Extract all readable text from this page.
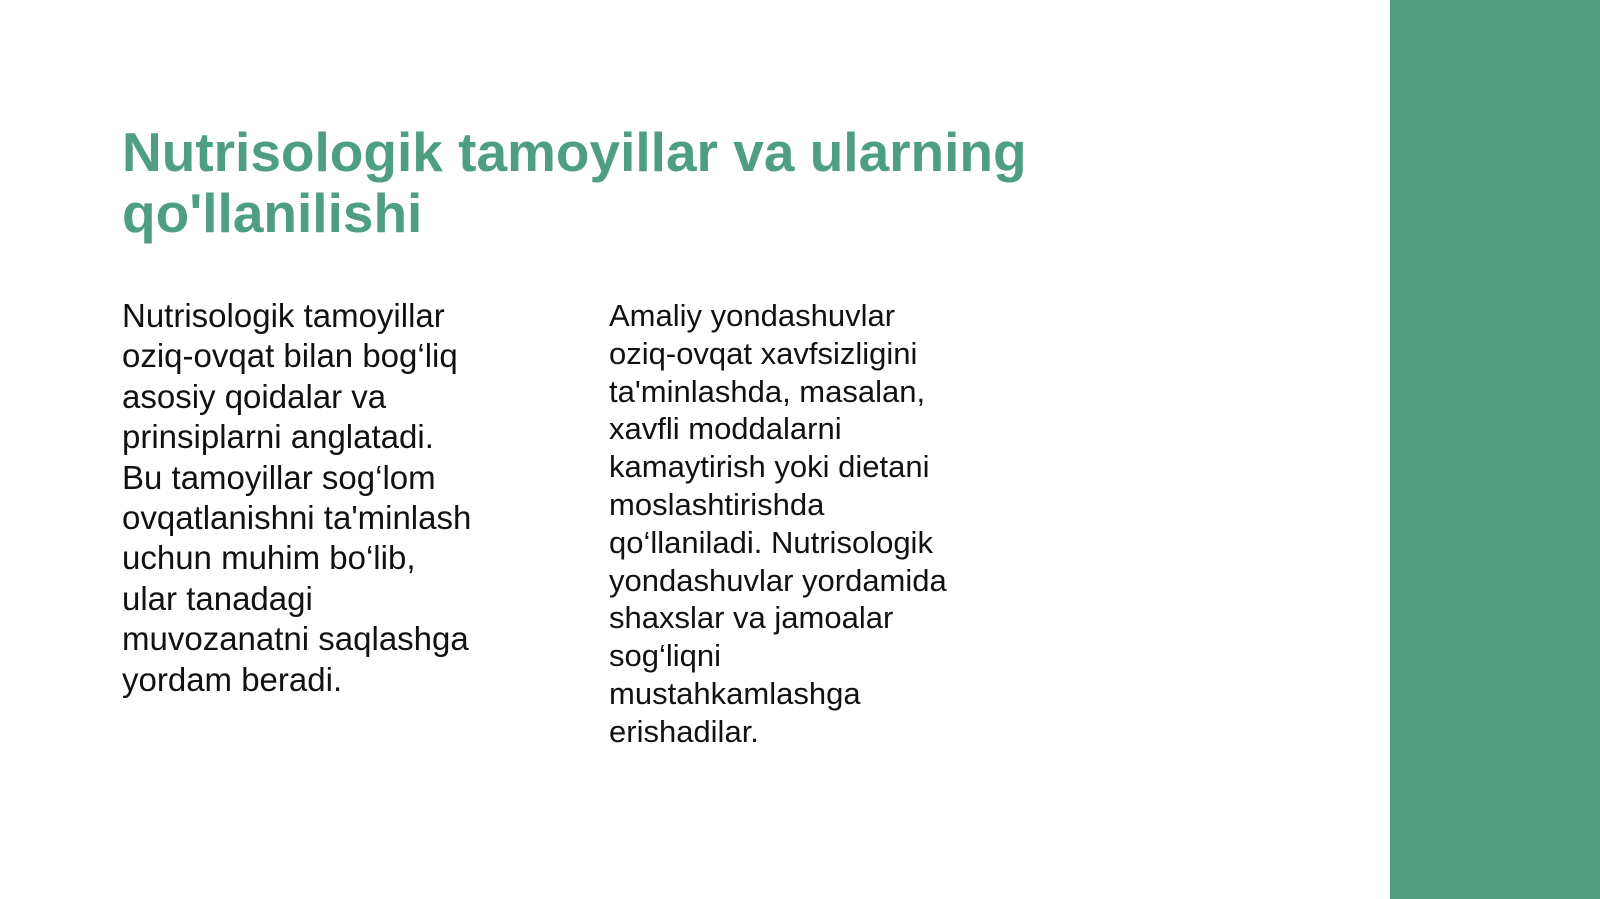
Nutrisologik tamoyillar va ularning
qo'llanilishi
Nutrisologik tamoyillar
oziq-ovqat bilan bog‘liq
asosiy qoidalar va
prinsiplarni anglatadi.
Bu tamoyillar sog‘lom
ovqatlanishni ta'minlash
uchun muhim bo‘lib,
ular tanadagi
muvozanatni saqlashga
yordam beradi.
Amaliy yondashuvlar
oziq-ovqat xavfsizligini
ta'minlashda, masalan,
xavfli moddalarni
kamaytirish yoki dietani
moslashtirishda
qo‘llaniladi. Nutrisologik
yondashuvlar yordamida
shaxslar va jamoalar
sog‘liqni
mustahkamlashga
erishadilar.
